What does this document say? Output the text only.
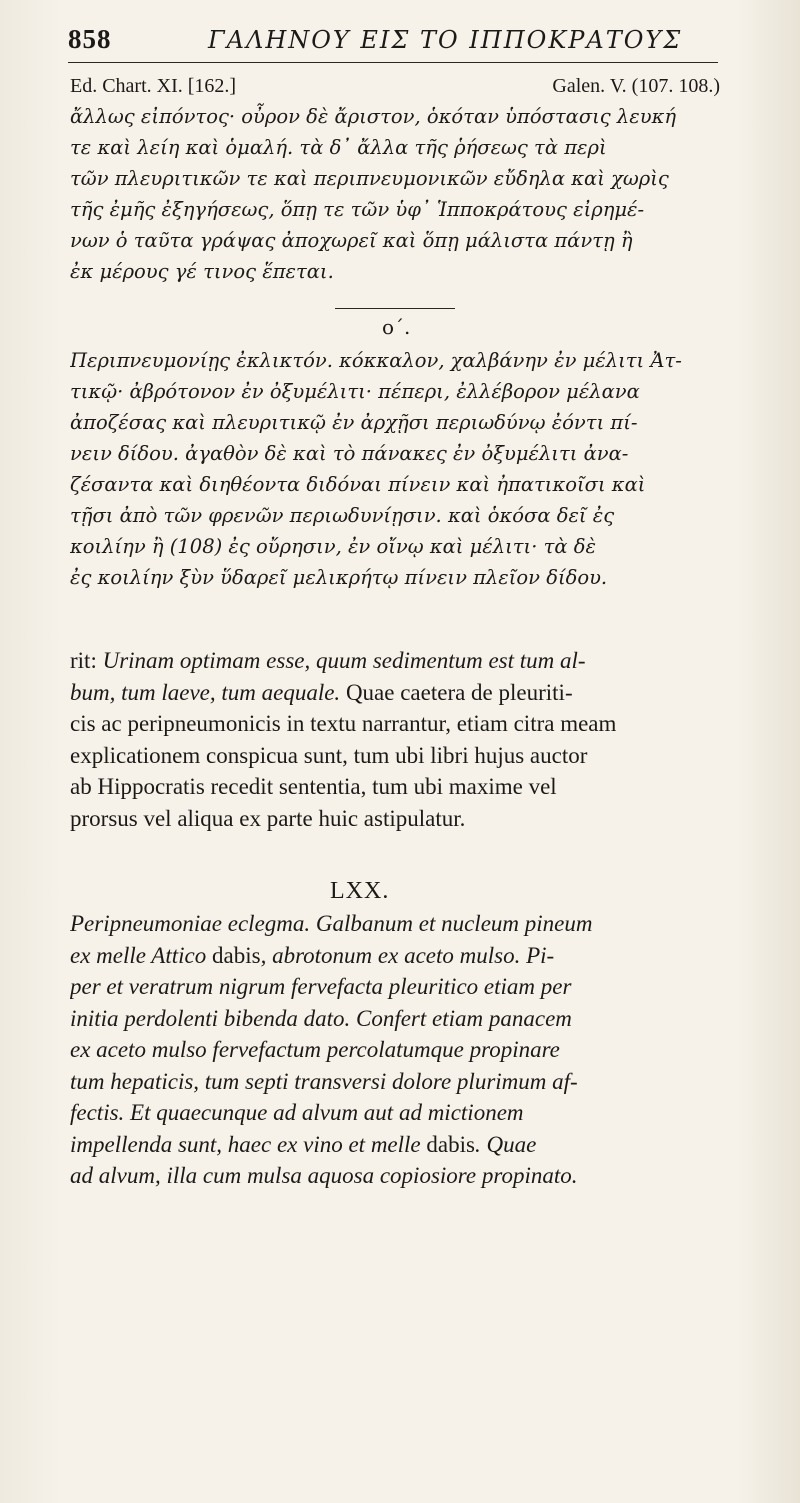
858	ΓΑΛΗΝΟΥ ΕΙΣ ΤΟ ΙΠΠΟΚΡΑΤΟΥΣ
Ed. Chart. XI. [162.]	Galen. V. (107. 108.)
ἄλλως εἰπόντος· οὖρον δὲ ἄριστον, ὁκόταν ὑπόστασις λευκή
τε καὶ λείη καὶ ὁμαλή. τὰ δ᾽ ἄλλα τῆς ῥήσεως τὰ περὶ
τῶν πλευριτικῶν τε καὶ περιπνευμονικῶν εὔδηλα καὶ χωρὶς
τῆς ἐμῆς ἐξηγήσεως, ὅπῃ τε τῶν ὑφ᾽ Ἱπποκράτους εἰρημέ-
νων ὁ ταῦτα γράψας ἀποχωρεῖ καὶ ὅπῃ μάλιστα πάντῃ ἢ
ἐκ μέρους γέ τινος ἕπεται.
ο΄.
Περιπνευμονίῃς ἐκλικτόν. κόκκαλον, χαλβάνην ἐν μέλιτι Ἀτ-
τικῷ· ἀβρότονον ἐν ὀξυμέλιτι· πέπερι, ἐλλέβορον μέλανα
ἀποζέσας καὶ πλευριτικῷ ἐν ἀρχῇσι περιωδύνῳ ἐόντι πί-
νειν δίδου. ἀγαθὸν δὲ καὶ τὸ πάνακες ἐν ὀξυμέλιτι ἀνα-
ζέσαντα καὶ διηθέοντα διδόναι πίνειν καὶ ἠπατικοῖσι καὶ
τῇσι ἀπὸ τῶν φρενῶν περιωδυνίῃσιν. καὶ ὁκόσα δεῖ ἐς
κοιλίην ἢ (108) ἐς οὔρησιν, ἐν οἴνῳ καὶ μέλιτι· τὰ δὲ
ἐς κοιλίην ξὺν ὕδαρεῖ μελικρήτῳ πίνειν πλεῖον δίδου.
rit: Urinam optimam esse, quum sedimentum est tum al-
bum, tum laeve, tum aequale. Quae caetera de pleuriti-
cis ac peripneumonicis in textu narrantur, etiam citra meam
explicationem conspicua sunt, tum ubi libri hujus auctor
ab Hippocratis recedit sententia, tum ubi maxime vel
prorsus vel aliqua ex parte huic astipulatur.
LXX.
Peripneumoniae eclegma. Galbanum et nucleum pineum
ex melle Attico dabis, abrotonum ex aceto mulso. Pi-
per et veratrum nigrum fervefacta pleuritico etiam per
initia perdolenti bibenda dato. Confert etiam panacem
ex aceto mulso fervefactum percolatumque propinare
tum hepaticis, tum septi transversi dolore plurimum af-
fectis. Et quaecunque ad alvum aut ad mictionem
impellenda sunt, haec ex vino et melle dabis. Quae
ad alvum, illa cum mulsa aquosa copiosiore propinato.
